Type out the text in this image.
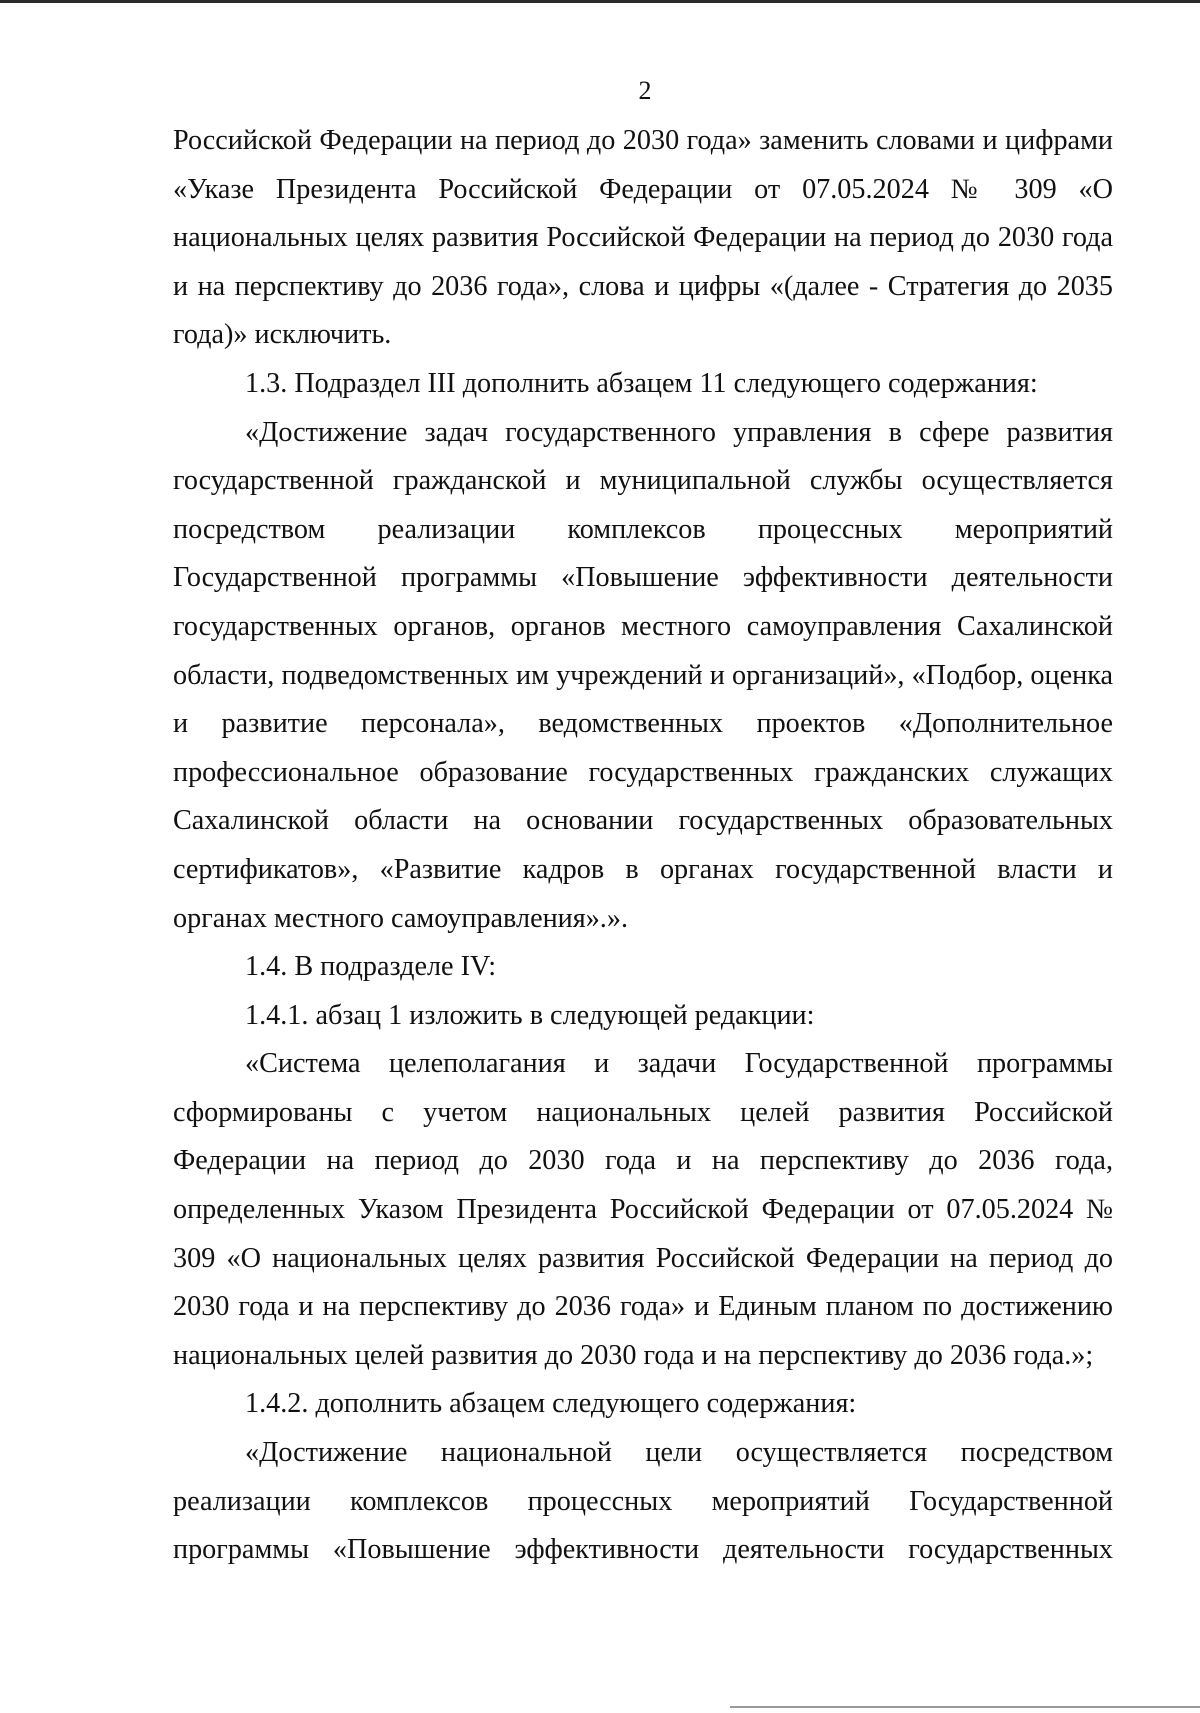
2

Российской Федерации на период до 2030 года» заменить словами и цифрами «Указе Президента Российской Федерации от 07.05.2024 № 309 «О национальных целях развития Российской Федерации на период до 2030 года и на перспективу до 2036 года», слова и цифры «(далее - Стратегия до 2035 года)» исключить.

1.3. Подраздел III дополнить абзацем 11 следующего содержания:

«Достижение задач государственного управления в сфере развития государственной гражданской и муниципальной службы осуществляется посредством реализации комплексов процессных мероприятий Государственной программы «Повышение эффективности деятельности государственных органов, органов местного самоуправления Сахалинской области, подведомственных им учреждений и организаций», «Подбор, оценка и развитие персонала», ведомственных проектов «Дополнительное профессиональное образование государственных гражданских служащих Сахалинской области на основании государственных образовательных сертификатов», «Развитие кадров в органах государственной власти и органах местного самоуправления».».

1.4. В подразделе IV:

1.4.1. абзац 1 изложить в следующей редакции:

«Система целеполагания и задачи Государственной программы сформированы с учетом национальных целей развития Российской Федерации на период до 2030 года и на перспективу до 2036 года, определенных Указом Президента Российской Федерации от 07.05.2024 № 309 «О национальных целях развития Российской Федерации на период до 2030 года и на перспективу до 2036 года» и Единым планом по достижению национальных целей развития до 2030 года и на перспективу до 2036 года.»;

1.4.2. дополнить абзацем следующего содержания:

«Достижение национальной цели осуществляется посредством реализации комплексов процессных мероприятий Государственной программы «Повышение эффективности деятельности государственных
